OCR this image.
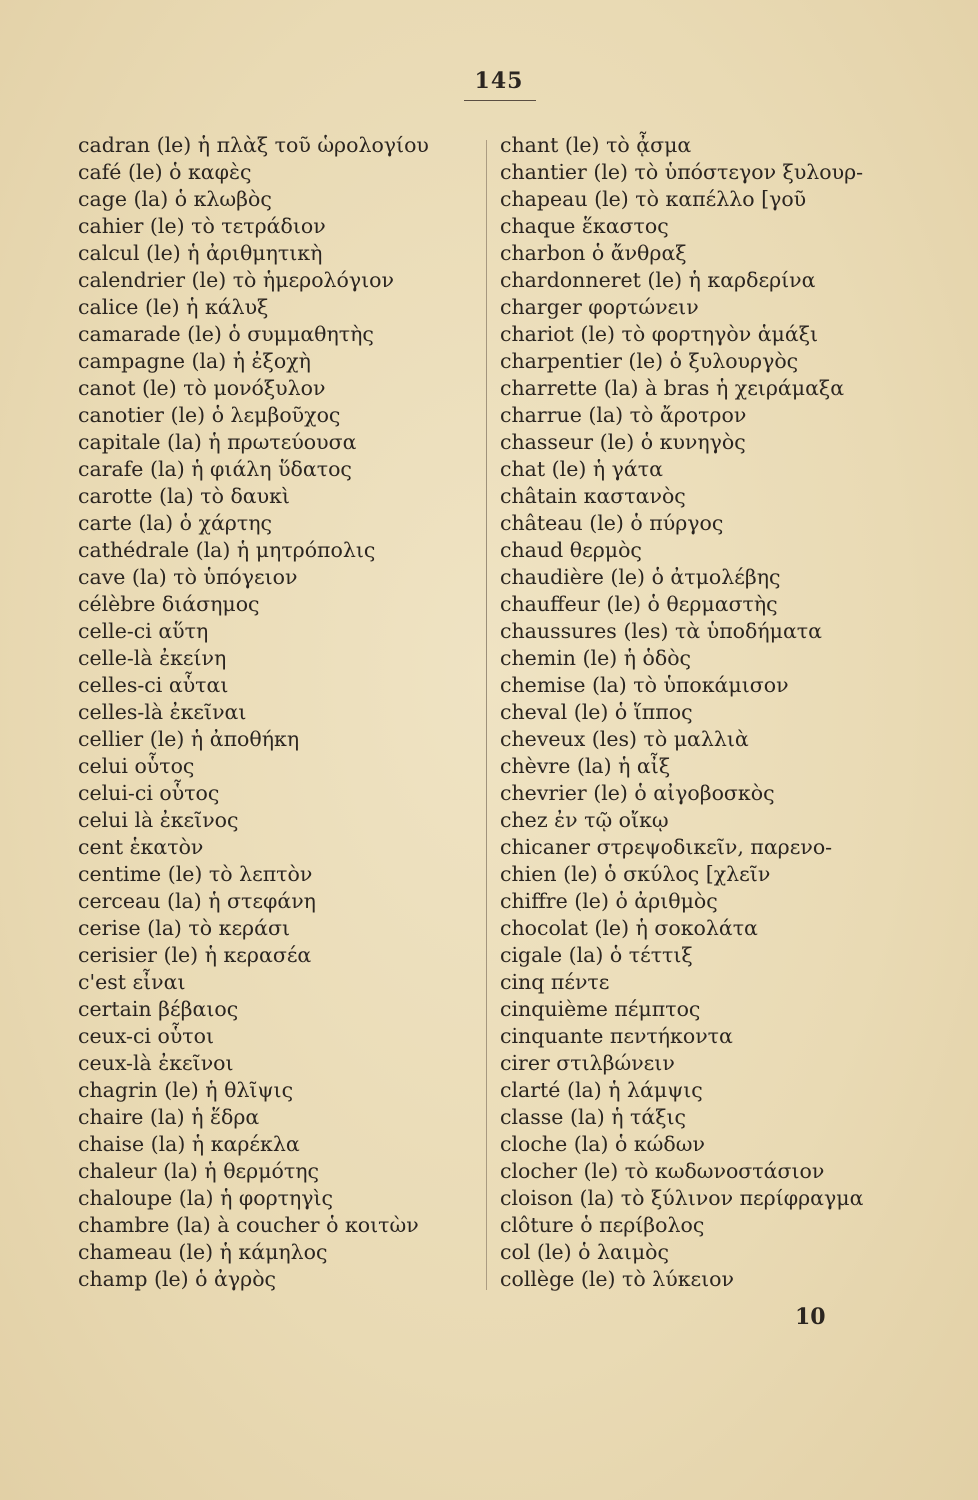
145
cadran (le) ἡ πλὰξ τοῦ ὡρολογίου
café (le) ὁ καφὲς
cage (la) ὁ κλωβὸς
cahier (le) τὸ τετράδιον
calcul (le) ἡ ἀριθμητικὴ
calendrier (le) τὸ ἡμερολόγιον
calice (le) ἡ κάλυξ
camarade (le) ὁ συμμαθητὴς
campagne (la) ἡ ἐξοχὴ
canot (le) τὸ μονόξυλον
canotier (le) ὁ λεμβοῦχος
capitale (la) ἡ πρωτεύουσα
carafe (la) ἡ φιάλη ὕδατος
carotte (la) τὸ δαυκὶ
carte (la) ὁ χάρτης
cathédrale (la) ἡ μητρόπολις
cave (la) τὸ ὑπόγειον
célèbre διάσημος
celle-ci αὕτη
celle-là ἐκείνη
celles-ci αὗται
celles-là ἐκεῖναι
cellier (le) ἡ ἀποθήκη
celui οὗτος
celui-ci οὗτος
celui là ἐκεῖνος
cent ἑκατὸν
centime (le) τὸ λεπτὸν
cerceau (la) ἡ στεφάνη
cerise (la) τὸ κεράσι
cerisier (le) ἡ κερασέα
c'est εἶναι
certain βέβαιος
ceux-ci οὗτοι
ceux-là ἐκεῖνοι
chagrin (le) ἡ θλῖψις
chaire (la) ἡ ἕδρα
chaise (la) ἡ καρέκλα
chaleur (la) ἡ θερμότης
chaloupe (la) ἡ φορτηγὶς
chambre (la) à coucher ὁ κοιτὼν
chameau (le) ἡ κάμηλος
champ (le) ὁ ἀγρὸς
chant (le) τὸ ᾆσμα
chantier (le) τὸ ὑπόστεγον ξυλουρ-
chapeau (le) τὸ καπέλλο [γοῦ
chaque ἕκαστος
charbon ὁ ἄνθραξ
chardonneret (le) ἡ καρδερίνα
charger φορτώνειν
chariot (le) τὸ φορτηγὸν ἁμάξι
charpentier (le) ὁ ξυλουργὸς
charrette (la) à bras ἡ χειράμαξα
charrue (la) τὸ ἄροτρον
chasseur (le) ὁ κυνηγὸς
chat (le) ἡ γάτα
châtain καστανὸς
château (le) ὁ πύργος
chaud θερμὸς
chaudière (le) ὁ ἀτμολέβης
chauffeur (le) ὁ θερμαστὴς
chaussures (les) τὰ ὑποδήματα
chemin (le) ἡ ὁδὸς
chemise (la) τὸ ὑποκάμισον
cheval (le) ὁ ἵππος
cheveux (les) τὸ μαλλιὰ
chèvre (la) ἡ αἶξ
chevrier (le) ὁ αἰγοβοσκὸς
chez ἐν τῷ οἴκῳ
chicaner στρεψοδικεῖν, παρενο-
chien (le) ὁ σκύλος [χλεῖν
chiffre (le) ὁ ἀριθμὸς
chocolat (le) ἡ σοκολάτα
cigale (la) ὁ τέττιξ
cinq πέντε
cinquième πέμπτος
cinquante πεντήκοντα
cirer στιλβώνειν
clarté (la) ἡ λάμψις
classe (la) ἡ τάξις
cloche (la) ὁ κώδων
clocher (le) τὸ κωδωνοστάσιον
cloison (la) τὸ ξύλινον περίφραγμα
clôture ὁ περίβολος
col (le) ὁ λαιμὸς
collège (le) τὸ λύκειον
10
